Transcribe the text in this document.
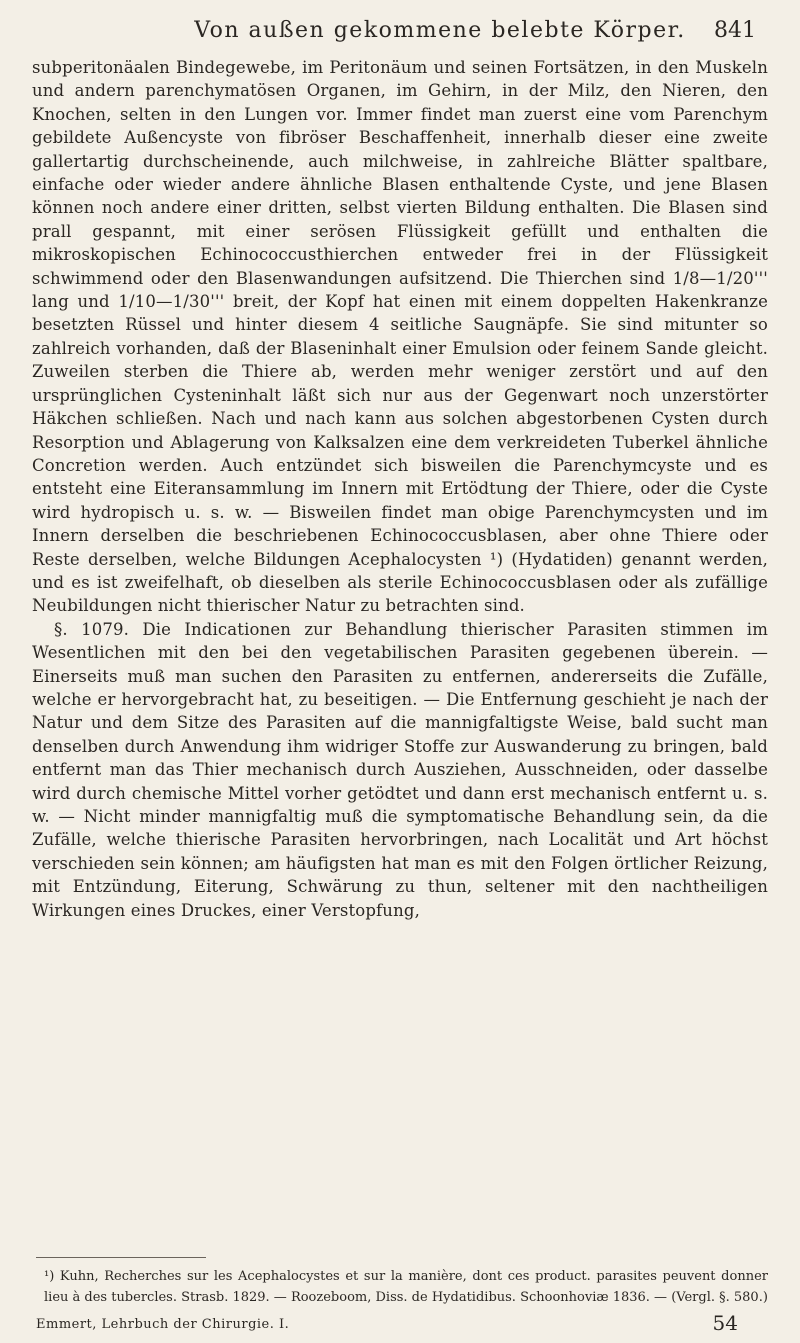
Von außen gekommene belebte Körper.	841

subperitonäalen Bindegewebe, im Peritonäum und seinen Fortsätzen, in den Muskeln und andern parenchymatösen Organen, im Gehirn, in der Milz, den Nieren, den Knochen, selten in den Lungen vor. Immer findet man zuerst eine vom Parenchym gebildete Außencyste von fibröser Beschaffenheit, innerhalb dieser eine zweite gallertartig durchscheinende, auch milchweise, in zahlreiche Blätter spaltbare, einfache oder wieder andere ähnliche Blasen enthaltende Cyste, und jene Blasen können noch andere einer dritten, selbst vierten Bildung enthalten. Die Blasen sind prall gespannt, mit einer serösen Flüssigkeit gefüllt und enthalten die mikroskopischen Echinococcusthierchen entweder frei in der Flüssigkeit schwimmend oder den Blasenwandungen aufsitzend. Die Thierchen sind 1/8—1/20''' lang und 1/10—1/30''' breit, der Kopf hat einen mit einem doppelten Hakenkranze besetzten Rüssel und hinter diesem 4 seitliche Saugnäpfe. Sie sind mitunter so zahlreich vorhanden, daß der Blaseninhalt einer Emulsion oder feinem Sande gleicht. Zuweilen sterben die Thiere ab, werden mehr weniger zerstört und auf den ursprünglichen Cysteninhalt läßt sich nur aus der Gegenwart noch unzerstörter Häkchen schließen. Nach und nach kann aus solchen abgestorbenen Cysten durch Resorption und Ablagerung von Kalksalzen eine dem verkreideten Tuberkel ähnliche Concretion werden. Auch entzündet sich bisweilen die Parenchymcyste und es entsteht eine Eiteransammlung im Innern mit Ertödtung der Thiere, oder die Cyste wird hydropisch u. s. w. — Bisweilen findet man obige Parenchymcysten und im Innern derselben die beschriebenen Echinococcusblasen, aber ohne Thiere oder Reste derselben, welche Bildungen Acephalocysten ¹) (Hydatiden) genannt werden, und es ist zweifelhaft, ob dieselben als sterile Echinococcusblasen oder als zufällige Neubildungen nicht thierischer Natur zu betrachten sind.

§. 1079. Die Indicationen zur Behandlung thierischer Parasiten stimmen im Wesentlichen mit den bei den vegetabilischen Parasiten gegebenen überein. — Einerseits muß man suchen den Parasiten zu entfernen, andererseits die Zufälle, welche er hervorgebracht hat, zu beseitigen. — Die Entfernung geschieht je nach der Natur und dem Sitze des Parasiten auf die mannigfaltigste Weise, bald sucht man denselben durch Anwendung ihm widriger Stoffe zur Auswanderung zu bringen, bald entfernt man das Thier mechanisch durch Ausziehen, Ausschneiden, oder dasselbe wird durch chemische Mittel vorher getödtet und dann erst mechanisch entfernt u. s. w. — Nicht minder mannigfaltig muß die symptomatische Behandlung sein, da die Zufälle, welche thierische Parasiten hervorbringen, nach Localität und Art höchst verschieden sein können; am häufigsten hat man es mit den Folgen örtlicher Reizung, mit Entzündung, Eiterung, Schwärung zu thun, seltener mit den nachtheiligen Wirkungen eines Druckes, einer Verstopfung,

¹) Kuhn, Recherches sur les Acephalocystes et sur la manière, dont ces product. parasites peuvent donner lieu à des tubercles. Strasb. 1829. — Roozeboom, Diss. de Hydatidibus. Schoonhoviæ 1836. — (Vergl. §. 580.)
Emmert, Lehrbuch der Chirurgie. I.	54
